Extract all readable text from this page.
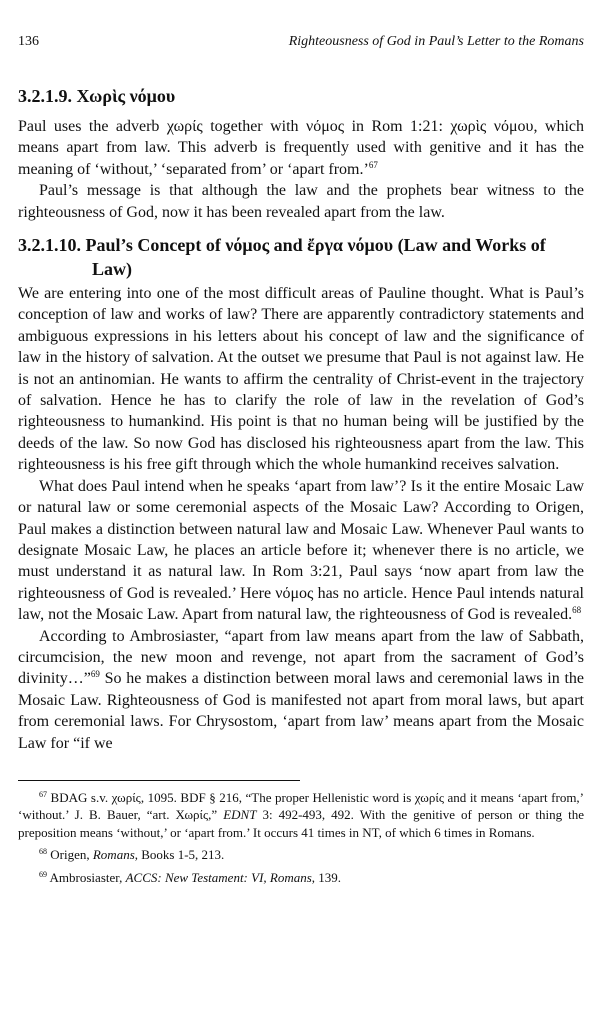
136	Righteousness of God in Paul’s Letter to the Romans
3.2.1.9. Χωρὶς νόμου

Paul uses the adverb χωρίς together with νόμος in Rom 1:21: χωρὶς νόμου, which means apart from law. This adverb is frequently used with genitive and it has the meaning of ‘without,’ ‘separated from’ or ‘apart from.’$^{67}$

Paul’s message is that although the law and the prophets bear witness to the righteousness of God, now it has been revealed apart from the law.

3.2.1.10. Paul’s Concept of νόμος and ἔργα νόμου (Law and Works of Law)

We are entering into one of the most difficult areas of Pauline thought. What is Paul’s conception of law and works of law? There are apparently contradictory statements and ambiguous expressions in his letters about his concept of law and the significance of law in the history of salvation. At the outset we presume that Paul is not against law. He is not an antinomian. He wants to affirm the centrality of Christ-event in the trajectory of salvation. Hence he has to clarify the role of law in the revelation of God’s righteousness to humankind. His point is that no human being will be justified by the deeds of the law. So now God has disclosed his righteousness apart from the law. This righteousness is his free gift through which the whole humankind receives salvation.

What does Paul intend when he speaks ‘apart from law’? Is it the entire Mosaic Law or natural law or some ceremonial aspects of the Mosaic Law? According to Origen, Paul makes a distinction between natural law and Mosaic Law. Whenever Paul wants to designate Mosaic Law, he places an article before it; whenever there is no article, we must understand it as natural law. In Rom 3:21, Paul says ‘now apart from law the righteousness of God is revealed.’ Here νόμος has no article. Hence Paul intends natural law, not the Mosaic Law. Apart from natural law, the righteousness of God is revealed.$^{68}$

According to Ambrosiaster, “apart from law means apart from the law of Sabbath, circumcision, the new moon and revenge, not apart from the sacrament of God’s divinity…”$^{69}$ So he makes a distinction between moral laws and ceremonial laws in the Mosaic Law. Righteousness of God is manifested not apart from moral laws, but apart from ceremonial laws. For Chrysostom, ‘apart from law’ means apart from the Mosaic Law for “if we

$^{67}$ BDAG s.v. χωρίς, 1095. BDF § 216, “The proper Hellenistic word is χωρίς and it means ‘apart from,’ ‘without.’ J. B. Bauer, “art. Χωρίς,” EDNT 3: 492-493, 492. With the genitive of person or thing the preposition means ‘without,’ or ‘apart from.’ It occurs 41 times in NT, of which 6 times in Romans.

$^{68}$ Origen, Romans, Books 1-5, 213.

$^{69}$ Ambrosiaster, ACCS: New Testament: VI, Romans, 139.
